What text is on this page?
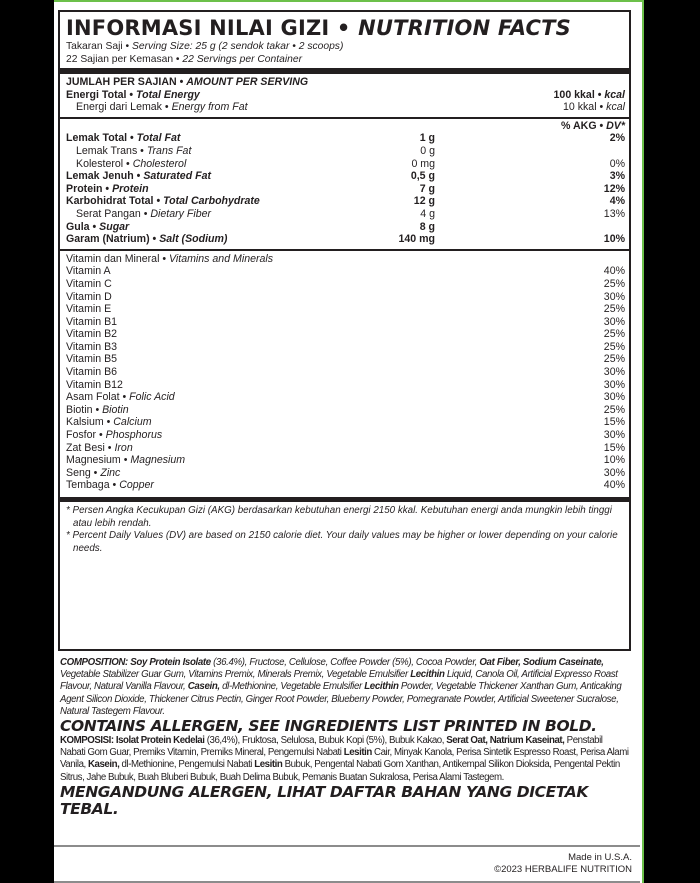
INFORMASI NILAI GIZI • NUTRITION FACTS
Takaran Saji • Serving Size: 25 g (2 sendok takar • 2 scoops)
22 Sajian per Kemasan • 22 Servings per Container
JUMLAH PER SAJIAN • AMOUNT PER SERVING
Energi Total • Total Energy	100 kkal • kcal
Energi dari Lemak • Energy from Fat	10 kkal • kcal
% AKG • DV*
Lemak Total • Total Fat	1 g	2%
Lemak Trans • Trans Fat	0 g
Kolesterol • Cholesterol	0 mg	0%
Lemak Jenuh • Saturated Fat	0,5 g	3%
Protein • Protein	7 g	12%
Karbohidrat Total • Total Carbohydrate	12 g	4%
Serat Pangan • Dietary Fiber	4 g	13%
Gula • Sugar	8 g
Garam (Natrium) • Salt (Sodium)	140 mg	10%
Vitamin dan Mineral • Vitamins and Minerals
Vitamin A	40%
Vitamin C	25%
Vitamin D	30%
Vitamin E	25%
Vitamin B1	30%
Vitamin B2	25%
Vitamin B3	25%
Vitamin B5	25%
Vitamin B6	30%
Vitamin B12	30%
Asam Folat • Folic Acid	30%
Biotin • Biotin	25%
Kalsium • Calcium	15%
Fosfor • Phosphorus	30%
Zat Besi • Iron	15%
Magnesium • Magnesium	10%
Seng • Zinc	30%
Tembaga • Copper	40%
* Persen Angka Kecukupan Gizi (AKG) berdasarkan kebutuhan energi 2150 kkal. Kebutuhan energi anda mungkin lebih tinggi atau lebih rendah.
* Percent Daily Values (DV) are based on 2150 calorie diet. Your daily values may be higher or lower depending on your calorie needs.
COMPOSITION: Soy Protein Isolate (36.4%), Fructose, Cellulose, Coffee Powder (5%), Cocoa Powder, Oat Fiber, Sodium Caseinate, Vegetable Stabilizer Guar Gum, Vitamins Premix, Minerals Premix, Vegetable Emulsifier Lecithin Liquid, Canola Oil, Artificial Expresso Roast Flavour, Natural Vanilla Flavour, Casein, dl-Methionine, Vegetable Emulsifier Lecithin Powder, Vegetable Thickener Xanthan Gum, Anticaking Agent Silicon Dioxide, Thickener Citrus Pectin, Ginger Root Powder, Blueberry Powder, Pomegranate Powder, Artificial Sweetener Sucralose, Natural Tastegem Flavour.
CONTAINS ALLERGEN, SEE INGREDIENTS LIST PRINTED IN BOLD.
KOMPOSISI: Isolat Protein Kedelai (36,4%), Fruktosa, Selulosa, Bubuk Kopi (5%), Bubuk Kakao, Serat Oat, Natrium Kaseinat, Penstabil Nabati Gom Guar, Premiks Vitamin, Premiks Mineral, Pengemulsi Nabati Lesitin Cair, Minyak Kanola, Perisa Sintetik Espresso Roast, Perisa Alami Vanila, Kasein, dl-Methionine, Pengemulsi Nabati Lesitin Bubuk, Pengental Nabati Gom Xanthan, Antikempal Silikon Dioksida, Pengental Pektin Sitrus, Jahe Bubuk, Buah Bluberi Bubuk, Buah Delima Bubuk, Pemanis Buatan Sukralosa, Perisa Alami Tastegem.
MENGANDUNG ALERGEN, LIHAT DAFTAR BAHAN YANG DICETAK TEBAL.
Made in U.S.A.
©2023 HERBALIFE NUTRITION
